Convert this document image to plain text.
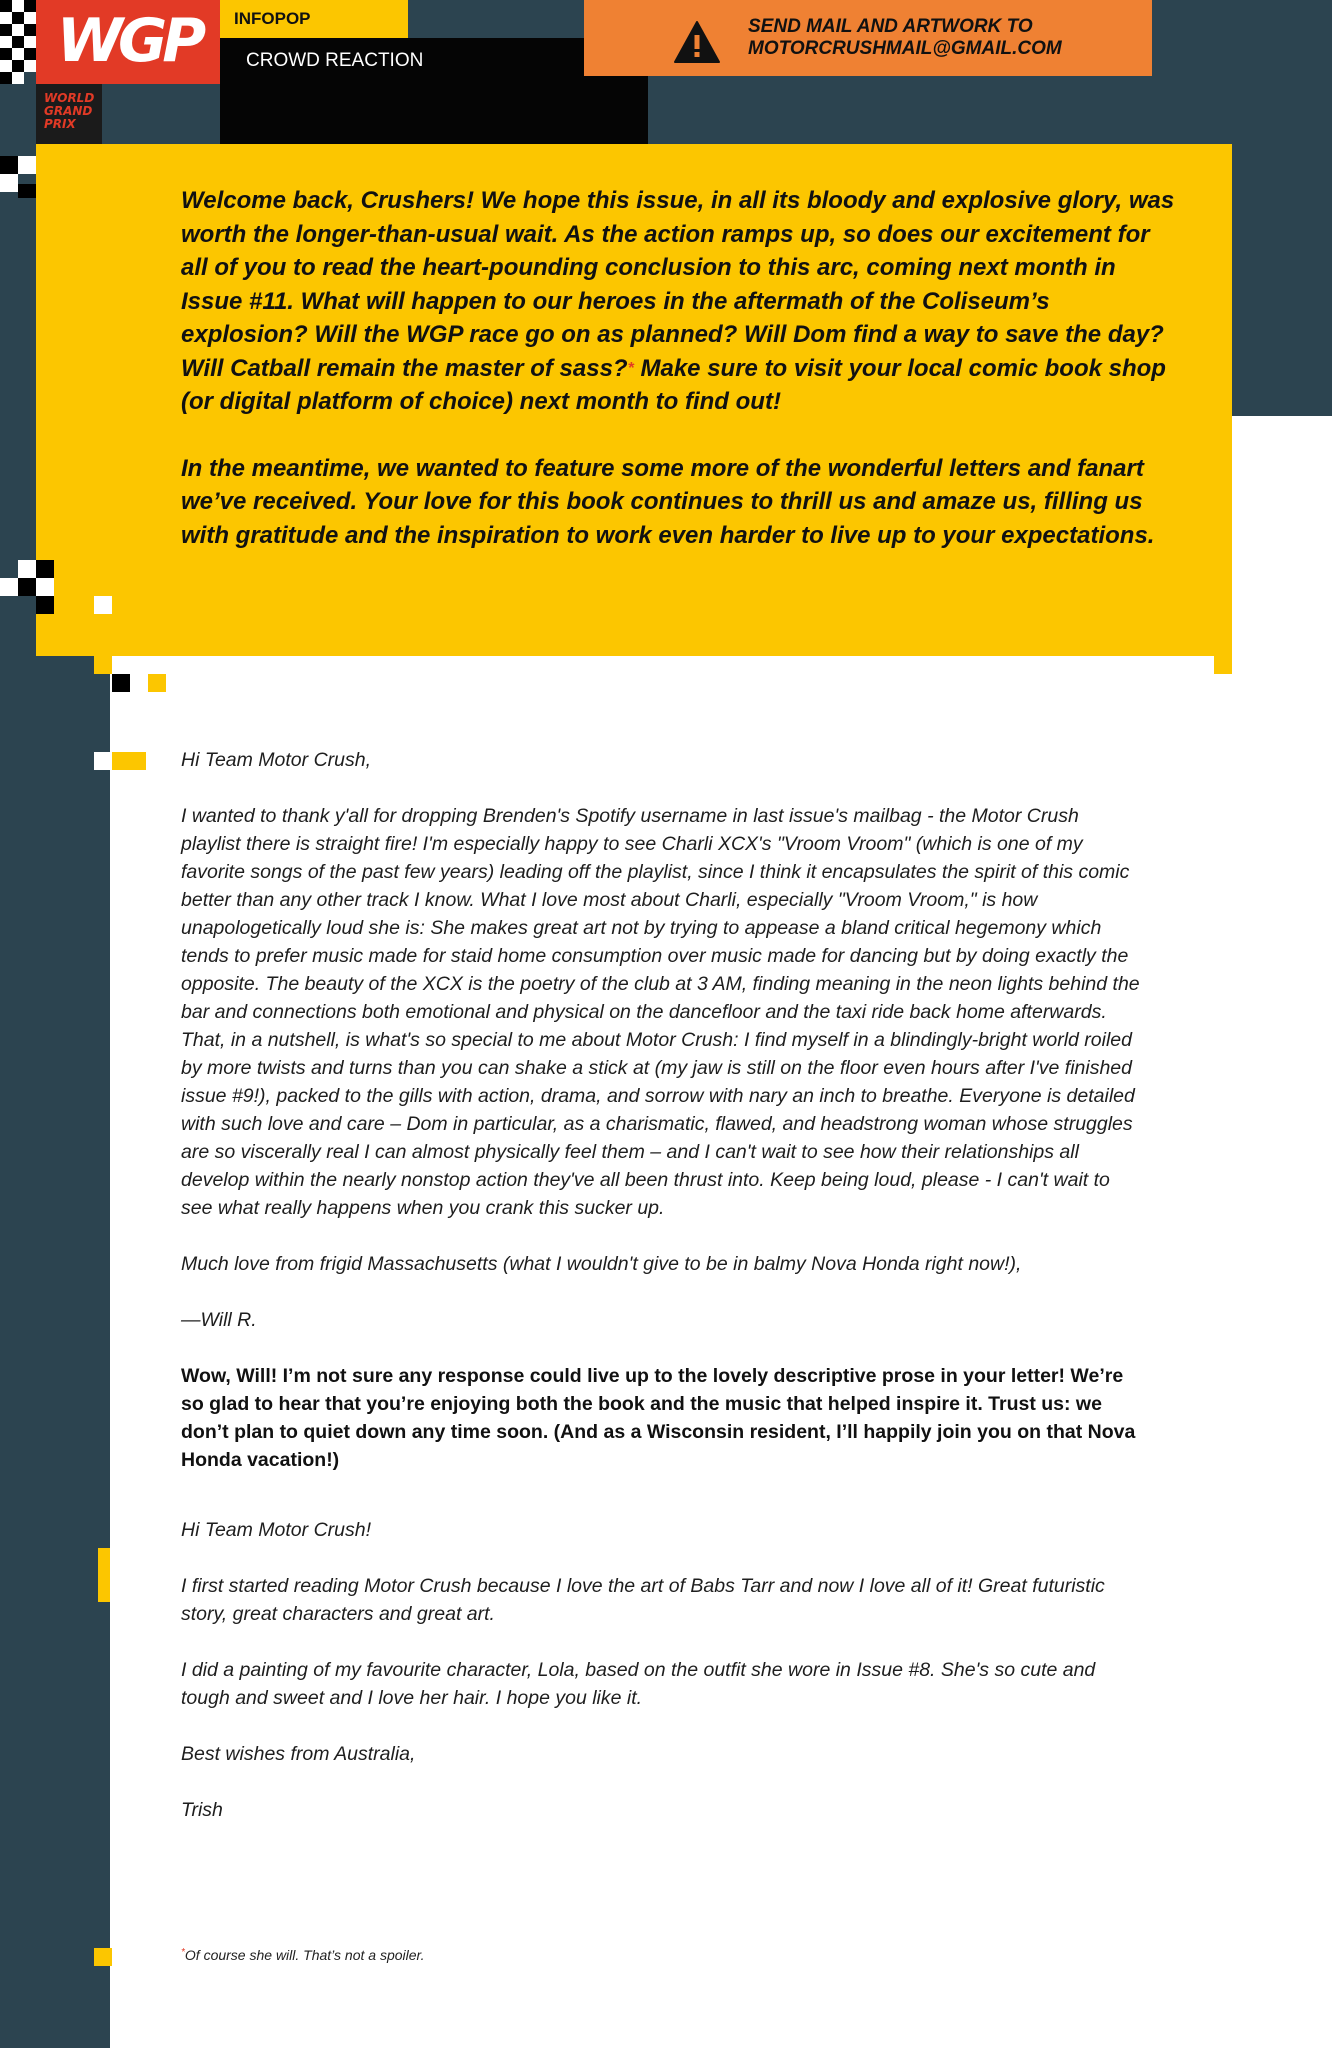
WGP
WORLD
GRAND
PRIX
INFOPOP
CROWD REACTION
SEND MAIL AND ARTWORK TO
MOTORCRUSHMAIL@GMAIL.COM

Welcome back, Crushers! We hope this issue, in all its bloody and explosive glory, was worth the longer-than-usual wait. As the action ramps up, so does our excitement for all of you to read the heart-pounding conclusion to this arc, coming next month in Issue #11. What will happen to our heroes in the aftermath of the Coliseum’s explosion? Will the WGP race go on as planned? Will Dom find a way to save the day? Will Catball remain the master of sass?* Make sure to visit your local comic book shop (or digital platform of choice) next month to find out!

In the meantime, we wanted to feature some more of the wonderful letters and fanart we’ve received. Your love for this book continues to thrill us and amaze us, filling us with gratitude and the inspiration to work even harder to live up to your expectations.

Hi Team Motor Crush,

I wanted to thank y'all for dropping Brenden's Spotify username in last issue's mailbag - the Motor Crush playlist there is straight fire! I'm especially happy to see Charli XCX's "Vroom Vroom" (which is one of my favorite songs of the past few years) leading off the playlist, since I think it encapsulates the spirit of this comic better than any other track I know. What I love most about Charli, especially "Vroom Vroom," is how unapologetically loud she is: She makes great art not by trying to appease a bland critical hegemony which tends to prefer music made for staid home consumption over music made for dancing but by doing exactly the opposite. The beauty of the XCX is the poetry of the club at 3 AM, finding meaning in the neon lights behind the bar and connections both emotional and physical on the dancefloor and the taxi ride back home afterwards. That, in a nutshell, is what's so special to me about Motor Crush: I find myself in a blindingly-bright world roiled by more twists and turns than you can shake a stick at (my jaw is still on the floor even hours after I've finished issue #9!), packed to the gills with action, drama, and sorrow with nary an inch to breathe. Everyone is detailed with such love and care – Dom in particular, as a charismatic, flawed, and headstrong woman whose struggles are so viscerally real I can almost physically feel them – and I can't wait to see how their relationships all develop within the nearly nonstop action they've all been thrust into. Keep being loud, please - I can't wait to see what really happens when you crank this sucker up.

Much love from frigid Massachusetts (what I wouldn't give to be in balmy Nova Honda right now!),

—Will R.

Wow, Will! I’m not sure any response could live up to the lovely descriptive prose in your letter! We’re so glad to hear that you’re enjoying both the book and the music that helped inspire it. Trust us: we don’t plan to quiet down any time soon. (And as a Wisconsin resident, I’ll happily join you on that Nova Honda vacation!)

Hi Team Motor Crush!

I first started reading Motor Crush because I love the art of Babs Tarr and now I love all of it! Great futuristic story, great characters and great art.

I did a painting of my favourite character, Lola, based on the outfit she wore in Issue #8. She's so cute and tough and sweet and I love her hair. I hope you like it.

Best wishes from Australia,

Trish

*Of course she will. That’s not a spoiler.
